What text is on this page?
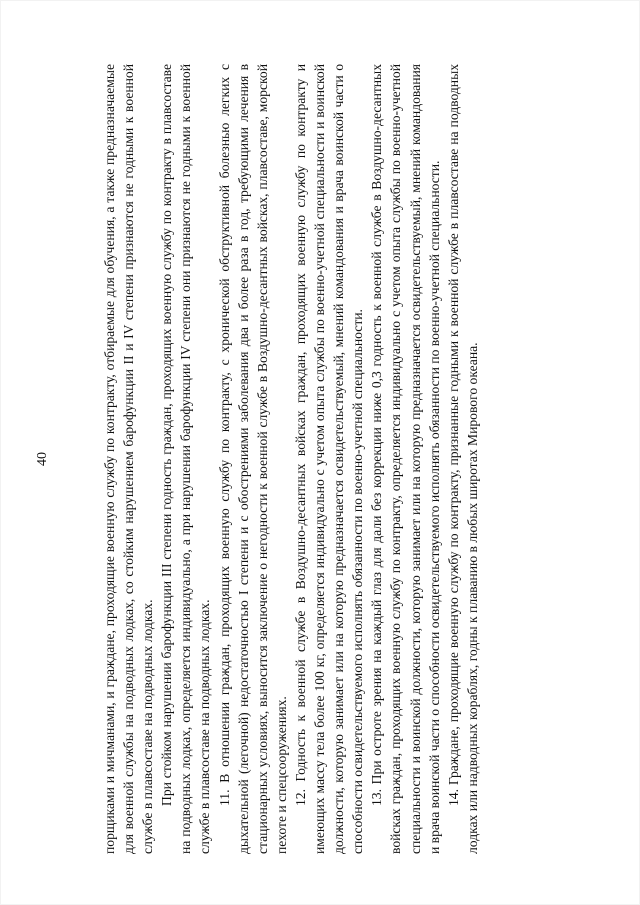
40	порщиками и мичманами, и граждане, проходящие военную службу по контракту, отбираемые для обучения, а также предназначаемые для военной службы на подводных лодках, со стойким нарушением барофункции II и IV степени признаются не годными к военной службе в плавсоставе на подводных лодках. При стойком нарушении барофункции III степени годность граждан, проходящих военную службу по контракту в плавсоставе на подводных лодках, определяется индивидуально, а при нарушении барофункции IV степени они признаются не годными к военной службе в плавсоставе на подводных лодках. 11. В отношении граждан, проходящих военную службу по контракту, с хронической обструктивной болезнью легких с дыхательной (легочной) недостаточностью I степени и с обострениями заболевания два и более раза в год, требующими лечения в стационарных условиях, выносится заключение о негодности к военной службе в Воздушно-десантных войсках, плавсоставе, морской пехоте и спецсооружениях. 12. Годность к военной службе в Воздушно-десантных войсках граждан, проходящих военную службу по контракту и имеющих массу тела более 100 кг, определяется индивидуально с учетом опыта службы по военно-учетной специальности и воинской должности, которую занимает или на которую предназначается освидетельствуемый, мнений командования и врача воинской части о способности освидетельствуемого исполнять обязанности по военно-учетной специальности. 13. При остроте зрения на каждый глаз для дали без коррекции ниже 0,3 годность к военной службе в Воздушно-десантных войсках граждан, проходящих военную службу по контракту, определяется индивидуально с учетом опыта службы по военно-учетной специальности и воинской должности, которую занимает или на которую предназначается освидетельствуемый, мнений командования и врача воинской части о способности освидетельствуемого исполнять обязанности по военно-учетной специальности. 14. Граждане, проходящие военную службу по контракту, признанные годными к военной службе в плавсоставе на подводных лодках или надводных кораблях, годны к плаванию в любых широтах Мирового океана.
